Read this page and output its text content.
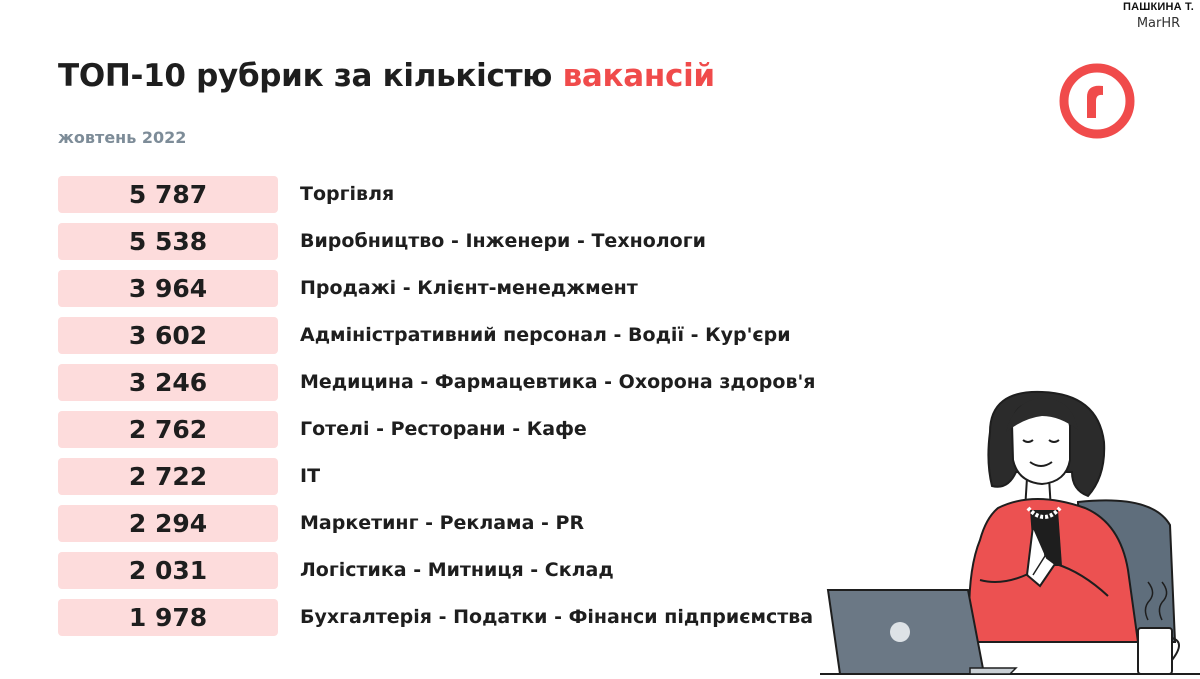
ПАШКИНА Т.
MarHR
ТОП-10 рубрик за кількістю вакансій
жовтень 2022
5 787	Торгівля
5 538	Виробництво - Інженери - Технологи
3 964	Продажі - Клієнт-менеджмент
3 602	Адміністративний персонал - Водії - Кур'єри
3 246	Медицина - Фармацевтика - Охорона здоров'я
2 762	Готелі - Ресторани - Кафе
2 722	IT
2 294	Маркетинг - Реклама - PR
2 031	Логістика - Митниця - Склад
1 978	Бухгалтерія - Податки - Фінанси підприємства
